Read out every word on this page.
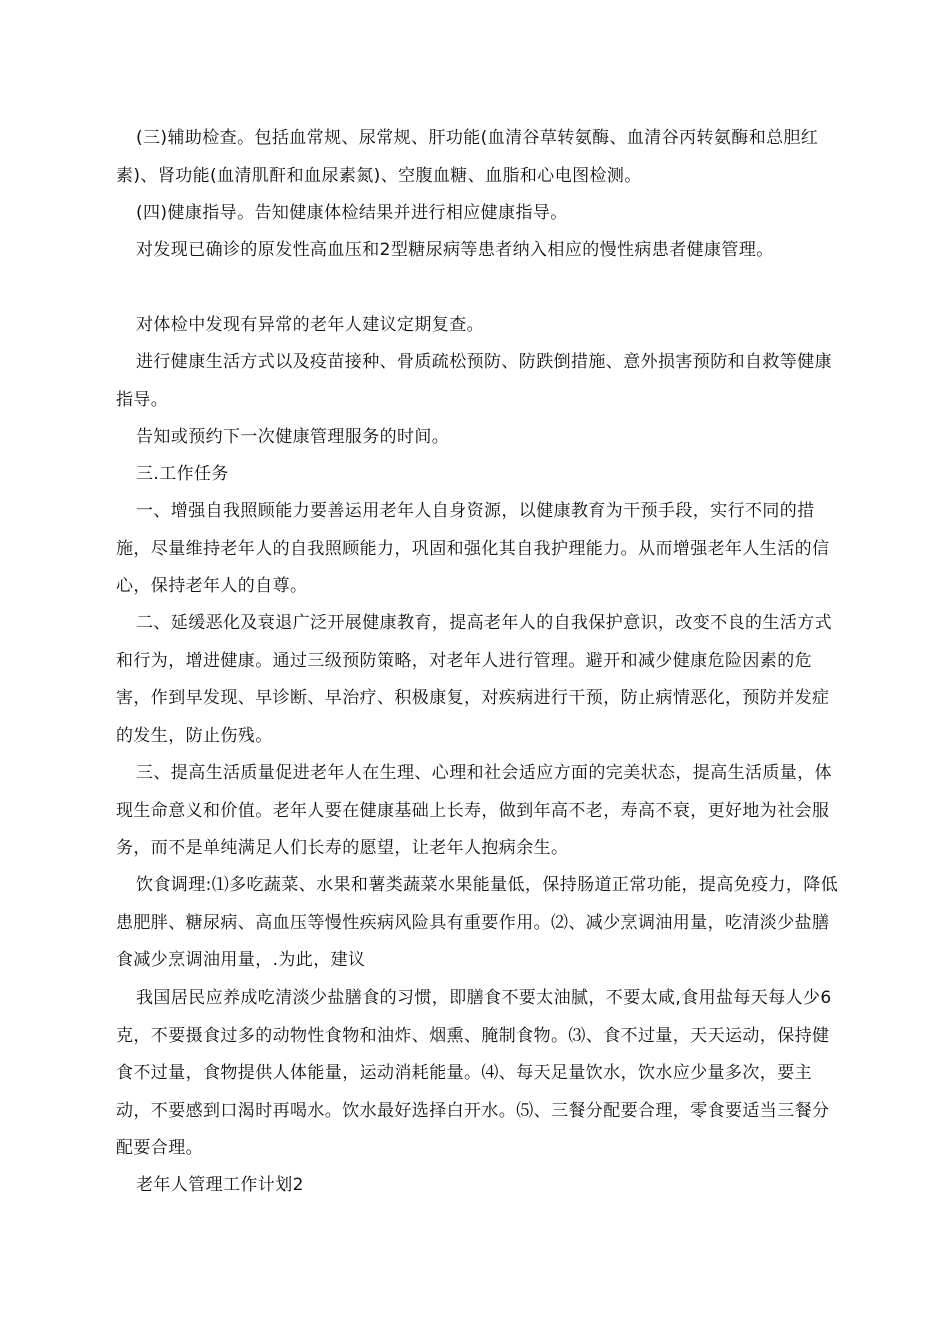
(三)辅助检查。包括血常规、尿常规、肝功能(血清谷草转氨酶、血清谷丙转氨酶和总胆红素)、肾功能(血清肌酐和血尿素氮)、空腹血糖、血脂和心电图检测。

(四)健康指导。告知健康体检结果并进行相应健康指导。

对发现已确诊的原发性高血压和2型糖尿病等患者纳入相应的慢性病患者健康管理。

对体检中发现有异常的老年人建议定期复查。

进行健康生活方式以及疫苗接种、骨质疏松预防、防跌倒措施、意外损害预防和自救等健康指导。

告知或预约下一次健康管理服务的时间。

三.工作任务

一、增强自我照顾能力要善运用老年人自身资源，以健康教育为干预手段，实行不同的措施，尽量维持老年人的自我照顾能力，巩固和强化其自我护理能力。从而增强老年人生活的信心，保持老年人的自尊。

二、延缓恶化及衰退广泛开展健康教育，提高老年人的自我保护意识，改变不良的生活方式和行为，增进健康。通过三级预防策略，对老年人进行管理。避开和减少健康危险因素的危害，作到早发现、早诊断、早治疗、积极康复，对疾病进行干预，防止病情恶化，预防并发症的发生，防止伤残。

三、提高生活质量促进老年人在生理、心理和社会适应方面的完美状态，提高生活质量，体现生命意义和价值。老年人要在健康基础上长寿，做到年高不老，寿高不衰，更好地为社会服务，而不是单纯满足人们长寿的愿望，让老年人抱病余生。

饮食调理:⑴多吃蔬菜、水果和薯类蔬菜水果能量低，保持肠道正常功能，提高免疫力，降低患肥胖、糖尿病、高血压等慢性疾病风险具有重要作用。⑵、减少烹调油用量，吃清淡少盐膳食减少烹调油用量，.为此，建议

我国居民应养成吃清淡少盐膳食的习惯，即膳食不要太油腻，不要太咸,食用盐每天每人少6克，不要摄食过多的动物性食物和油炸、烟熏、腌制食物。⑶、食不过量，天天运动，保持健食不过量，食物提供人体能量，运动消耗能量。⑷、每天足量饮水，饮水应少量多次，要主动，不要感到口渴时再喝水。饮水最好选择白开水。⑸、三餐分配要合理，零食要适当三餐分配要合理。

老年人管理工作计划2
